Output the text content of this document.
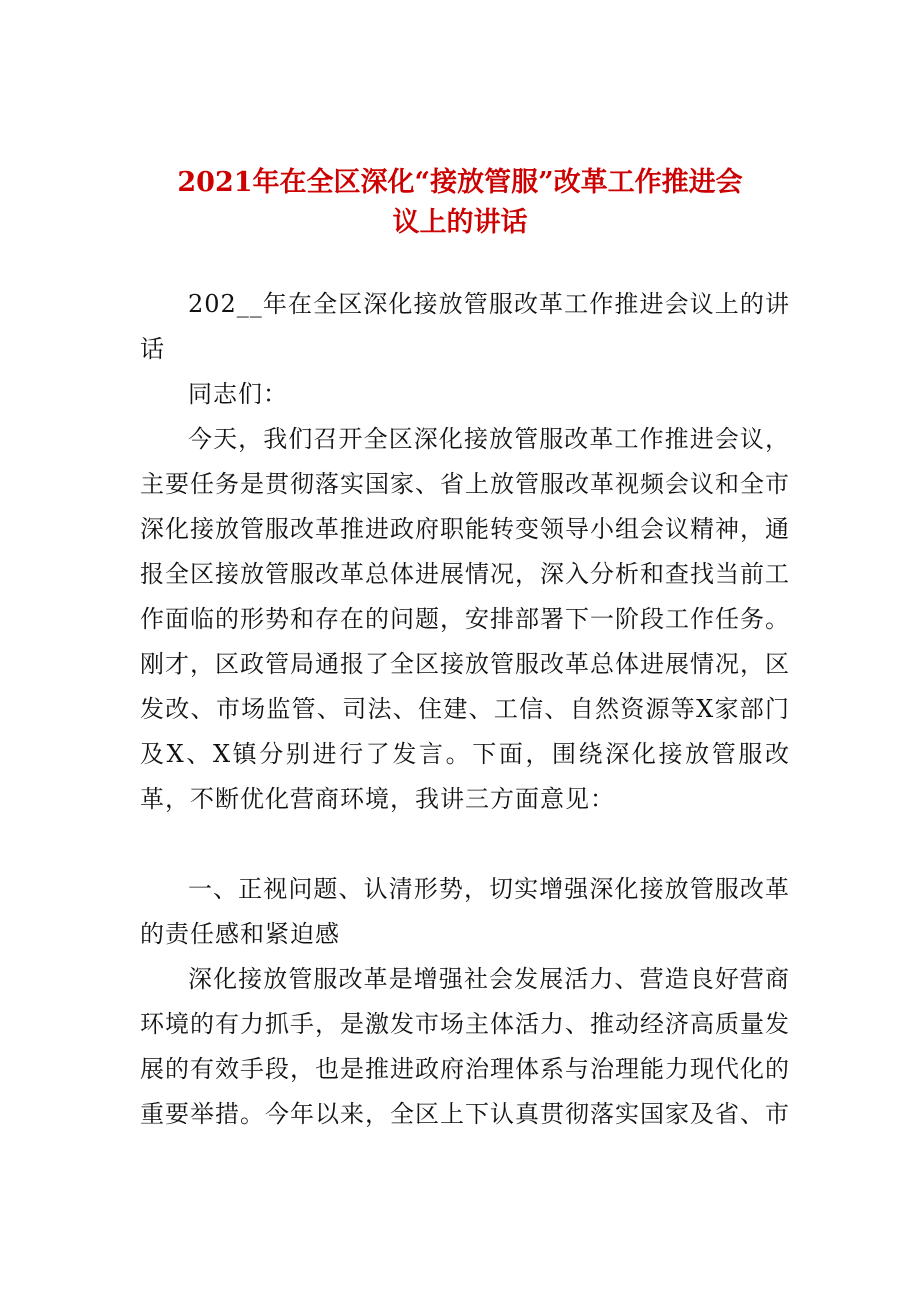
2021年在全区深化“接放管服”改革工作推进会
议上的讲话

202__年在全区深化接放管服改革工作推进会议上的讲话

同志们：

今天，我们召开全区深化接放管服改革工作推进会议，主要任务是贯彻落实国家、省上放管服改革视频会议和全市深化接放管服改革推进政府职能转变领导小组会议精神，通报全区接放管服改革总体进展情况，深入分析和查找当前工作面临的形势和存在的问题，安排部署下一阶段工作任务。刚才，区政管局通报了全区接放管服改革总体进展情况，区发改、市场监管、司法、住建、工信、自然资源等X家部门及X、X镇分别进行了发言。下面，围绕深化接放管服改革，不断优化营商环境，我讲三方面意见：

一、正视问题、认清形势，切实增强深化接放管服改革的责任感和紧迫感

深化接放管服改革是增强社会发展活力、营造良好营商环境的有力抓手，是激发市场主体活力、推动经济高质量发展的有效手段，也是推进政府治理体系与治理能力现代化的重要举措。今年以来，全区上下认真贯彻落实国家及省、市
